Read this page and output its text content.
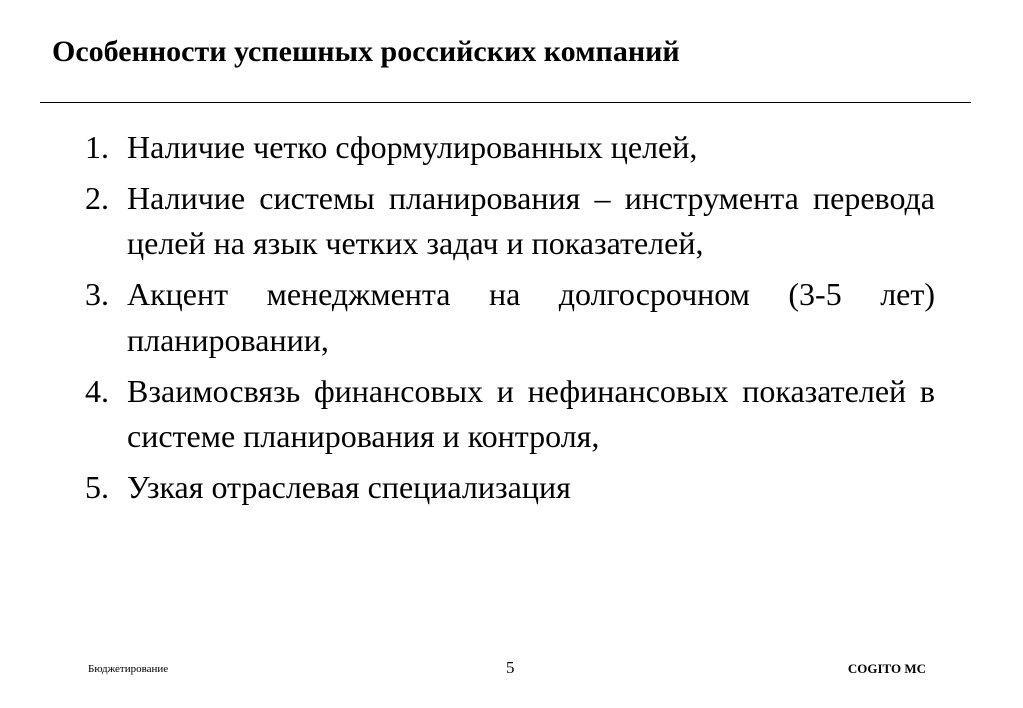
Особенности успешных российских компаний
1. Наличие четко сформулированных целей,
2. Наличие системы планирования – инструмента перевода целей на язык четких задач и показателей,
3. Акцент менеджмента на долгосрочном (3-5 лет) планировании,
4. Взаимосвязь финансовых и нефинансовых показателей в системе планирования и контроля,
5. Узкая отраслевая специализация
Бюджетирование	5	COGITO MC
